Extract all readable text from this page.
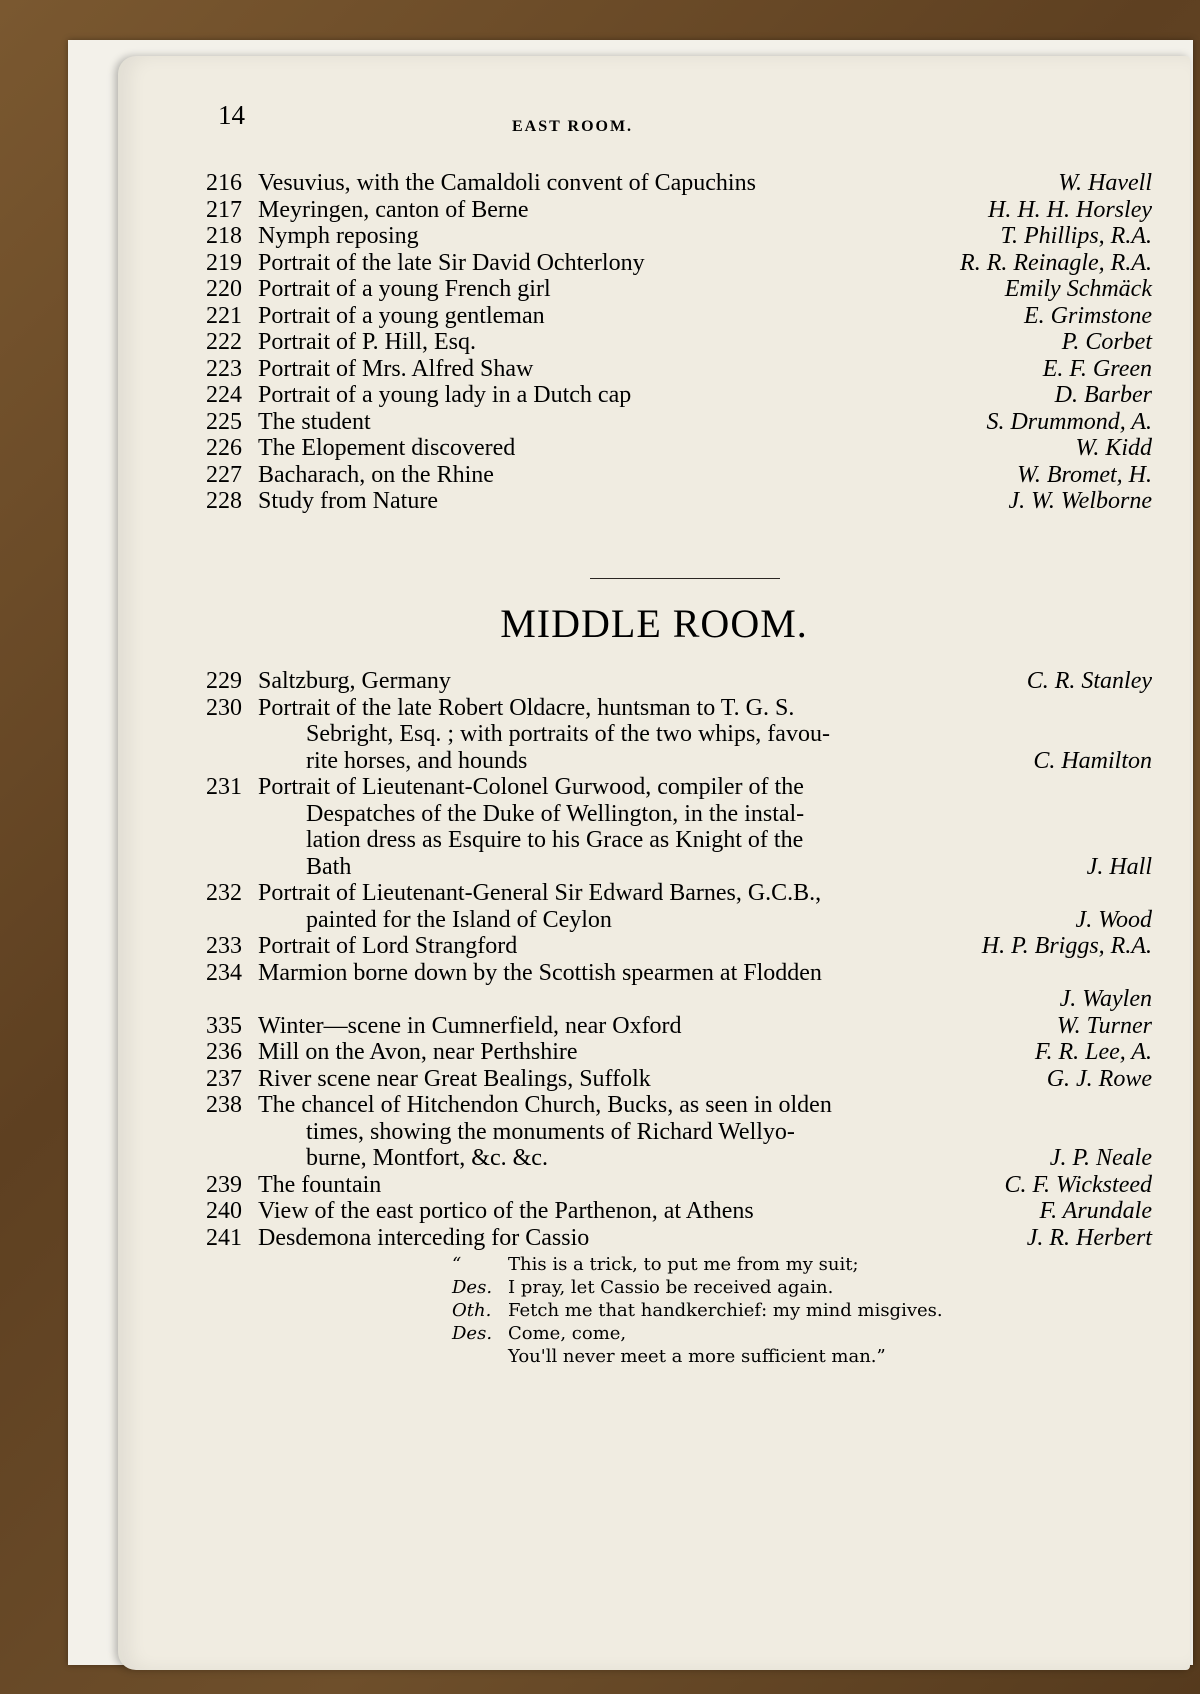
14	EAST ROOM.
216 Vesuvius, with the Camaldoli convent of Capuchins	W. Havell
217 Meyringen, canton of Berne	H. H. H. Horsley
218 Nymph reposing	T. Phillips, R.A.
219 Portrait of the late Sir David Ochterlony	R. R. Reinagle, R.A.
220 Portrait of a young French girl	Emily Schmäck
221 Portrait of a young gentleman	E. Grimstone
222 Portrait of P. Hill, Esq.	P. Corbet
223 Portrait of Mrs. Alfred Shaw	E. F. Green
224 Portrait of a young lady in a Dutch cap	D. Barber
225 The student	S. Drummond, A.
226 The Elopement discovered	W. Kidd
227 Bacharach, on the Rhine	W. Bromet, H.
228 Study from Nature	J. W. Welborne
MIDDLE ROOM.
229 Saltzburg, Germany	C. R. Stanley
230 Portrait of the late Robert Oldacre, huntsman to T. G. S.
Sebright, Esq. ; with portraits of the two whips, favou-
rite horses, and hounds	C. Hamilton
231 Portrait of Lieutenant-Colonel Gurwood, compiler of the
Despatches of the Duke of Wellington, in the instal-
lation dress as Esquire to his Grace as Knight of the
Bath	J. Hall
232 Portrait of Lieutenant-General Sir Edward Barnes, G.C.B.,
painted for the Island of Ceylon	J. Wood
233 Portrait of Lord Strangford	H. P. Briggs, R.A.
234 Marmion borne down by the Scottish spearmen at Flodden
J. Waylen
335 Winter—scene in Cumnerfield, near Oxford	W. Turner
236 Mill on the Avon, near Perthshire	F. R. Lee, A.
237 River scene near Great Bealings, Suffolk	G. J. Rowe
238 The chancel of Hitchendon Church, Bucks, as seen in olden
times, showing the monuments of Richard Wellyo-
burne, Montfort, &c. &c.	J. P. Neale
239 The fountain	C. F. Wicksteed
240 View of the east portico of the Parthenon, at Athens	F. Arundale
241 Desdemona interceding for Cassio	J. R. Herbert
“ Des.
This is a trick, to put me from my suit;
I pray, let Cassio be received again.
Oth. Fetch me that handkerchief: my mind misgives.
Des. Come, come,
You'll never meet a more sufficient man.”
